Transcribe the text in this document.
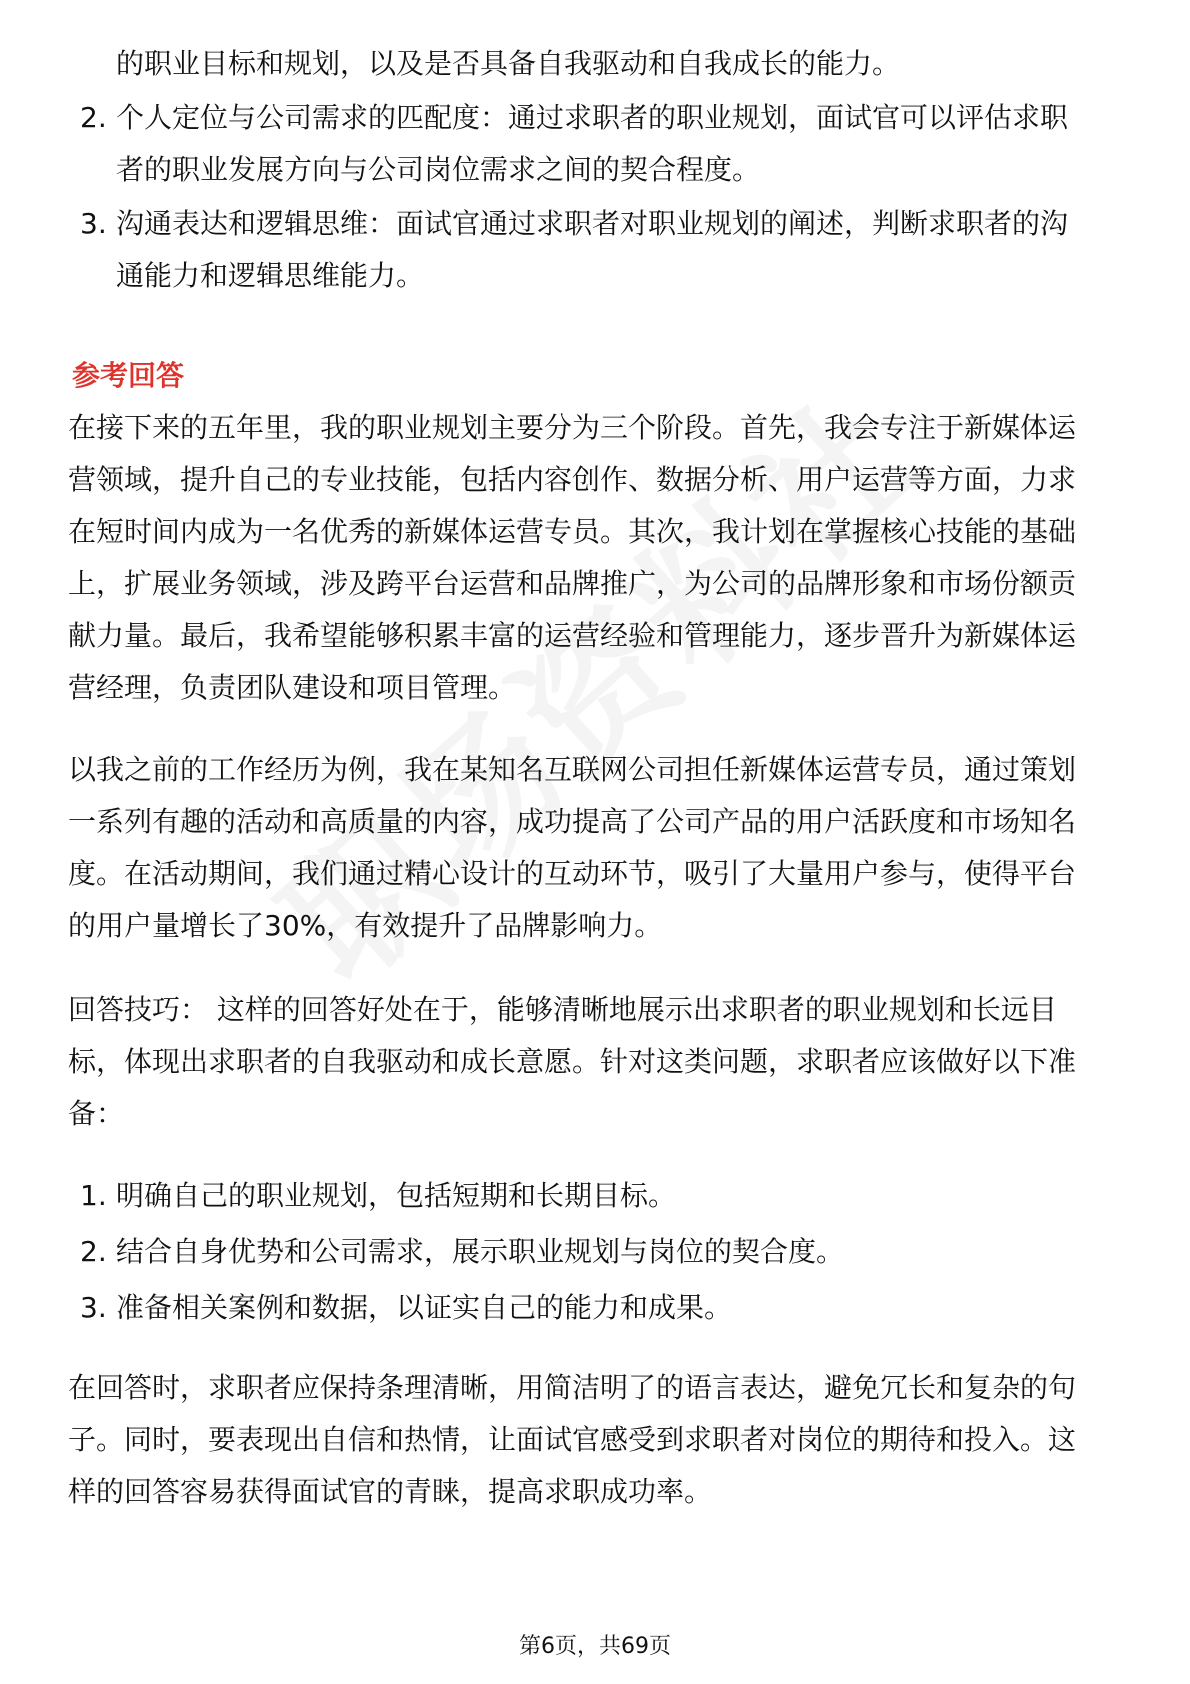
的职业目标和规划，以及是否具备自我驱动和自我成长的能力。
2. 个人定位与公司需求的匹配度：通过求职者的职业规划，面试官可以评估求职
者的职业发展方向与公司岗位需求之间的契合程度。
3. 沟通表达和逻辑思维：面试官通过求职者对职业规划的阐述，判断求职者的沟
通能力和逻辑思维能力。
参考回答
在接下来的五年里，我的职业规划主要分为三个阶段。首先，我会专注于新媒体运
营领域，提升自己的专业技能，包括内容创作、数据分析、用户运营等方面，力求
在短时间内成为一名优秀的新媒体运营专员。其次，我计划在掌握核心技能的基础
上，扩展业务领域，涉及跨平台运营和品牌推广，为公司的品牌形象和市场份额贡
献力量。最后，我希望能够积累丰富的运营经验和管理能力，逐步晋升为新媒体运
营经理，负责团队建设和项目管理。
以我之前的工作经历为例，我在某知名互联网公司担任新媒体运营专员，通过策划
一系列有趣的活动和高质量的内容，成功提高了公司产品的用户活跃度和市场知名
度。在活动期间，我们通过精心设计的互动环节，吸引了大量用户参与，使得平台
的用户量增长了30%，有效提升了品牌影响力。
回答技巧： 这样的回答好处在于，能够清晰地展示出求职者的职业规划和长远目
标，体现出求职者的自我驱动和成长意愿。针对这类问题，求职者应该做好以下准
备：
1. 明确自己的职业规划，包括短期和长期目标。
2. 结合自身优势和公司需求，展示职业规划与岗位的契合度。
3. 准备相关案例和数据，以证实自己的能力和成果。
在回答时，求职者应保持条理清晰，用简洁明了的语言表达，避免冗长和复杂的句
子。同时，要表现出自信和热情，让面试官感受到求职者对岗位的期待和投入。这
样的回答容易获得面试官的青睐，提高求职成功率。
第6页，共69页
